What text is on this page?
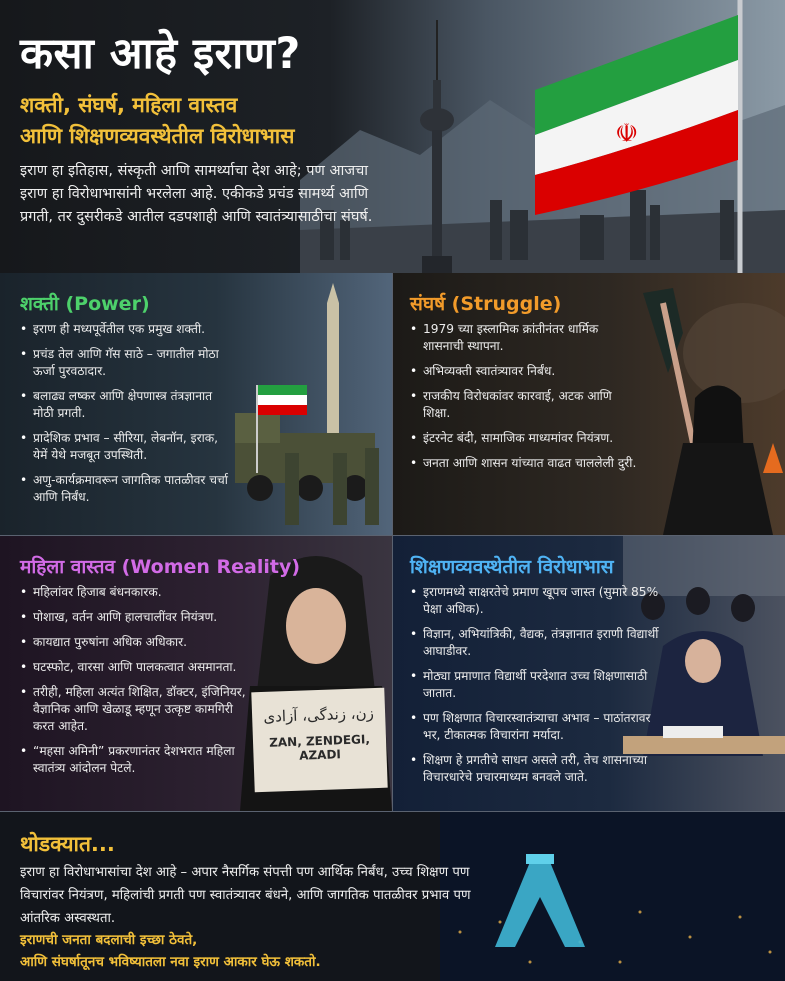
☫
कसा आहे इराण?
शक्ती, संघर्ष, महिला वास्तव
आणि शिक्षणव्यवस्थेतील विरोधाभास
इराण हा इतिहास, संस्कृती आणि सामर्थ्याचा देश आहे; पण आजचा इराण हा विरोधाभासांनी भरलेला आहे. एकीकडे प्रचंड सामर्थ्य आणि प्रगती, तर दुसरीकडे आतील दडपशाही आणि स्वातंत्र्यासाठीचा संघर्ष.
शक्ती (Power)
• इराण ही मध्यपूर्वेतील एक प्रमुख शक्ती.
• प्रचंड तेल आणि गॅस साठे – जगातील मोठा ऊर्जा पुरवठादार.
• बलाढ्य लष्कर आणि क्षेपणास्त्र तंत्रज्ञानात मोठी प्रगती.
• प्रादेशिक प्रभाव – सीरिया, लेबनॉन, इराक, येमें येथे मजबूत उपस्थिती.
• अणु-कार्यक्रमावरून जागतिक पातळीवर चर्चा आणि निर्बंध.
संघर्ष (Struggle)
• 1979 च्या इस्लामिक क्रांतीनंतर धार्मिक शासनाची स्थापना.
• अभिव्यक्ती स्वातंत्र्यावर निर्बंध.
• राजकीय विरोधकांवर कारवाई, अटक आणि शिक्षा.
• इंटरनेट बंदी, सामाजिक माध्यमांवर नियंत्रण.
• जनता आणि शासन यांच्यात वाढत चाललेली दुरी.
महिला वास्तव (Women Reality)
• महिलांवर हिजाब बंधनकारक.
• पोशाख, वर्तन आणि हालचालींवर नियंत्रण.
• कायद्यात पुरुषांना अधिक अधिकार.
• घटस्फोट, वारसा आणि पालकत्वात असमानता.
• तरीही, महिला अत्यंत शिक्षित, डॉक्टर, इंजिनियर, वैज्ञानिक आणि खेळाडू म्हणून उत्कृष्ट कामगिरी करत आहेत.
• “महसा अमिनी” प्रकरणानंतर देशभरात महिला स्वातंत्र्य आंदोलन पेटले.
زن، زندگی، آزادی
ZAN, ZENDEGI, AZADI
शिक्षणव्यवस्थेतील विरोधाभास
• इराणमध्ये साक्षरतेचे प्रमाण खूपच जास्त (सुमारे 85% पेक्षा अधिक).
• विज्ञान, अभियांत्रिकी, वैद्यक, तंत्रज्ञानात इराणी विद्यार्थी आघाडीवर.
• मोठ्या प्रमाणात विद्यार्थी परदेशात उच्च शिक्षणासाठी जातात.
• पण शिक्षणात विचारस्वातंत्र्याचा अभाव – पाठांतरावर भर, टीकात्मक विचारांना मर्यादा.
• शिक्षण हे प्रगतीचे साधन असले तरी, तेच शासनाच्या विचारधारेचे प्रचारमाध्यम बनवले जाते.
थोडक्यात...
इराण हा विरोधाभासांचा देश आहे – अपार नैसर्गिक संपत्ती पण आर्थिक निर्बंध, उच्च शिक्षण पण विचारांवर नियंत्रण, महिलांची प्रगती पण स्वातंत्र्यावर बंधने, आणि जागतिक पातळीवर प्रभाव पण आंतरिक अस्वस्थता.
इराणची जनता बदलाची इच्छा ठेवते,
आणि संघर्षातूनच भविष्यातला नवा इराण आकार घेऊ शकतो.
